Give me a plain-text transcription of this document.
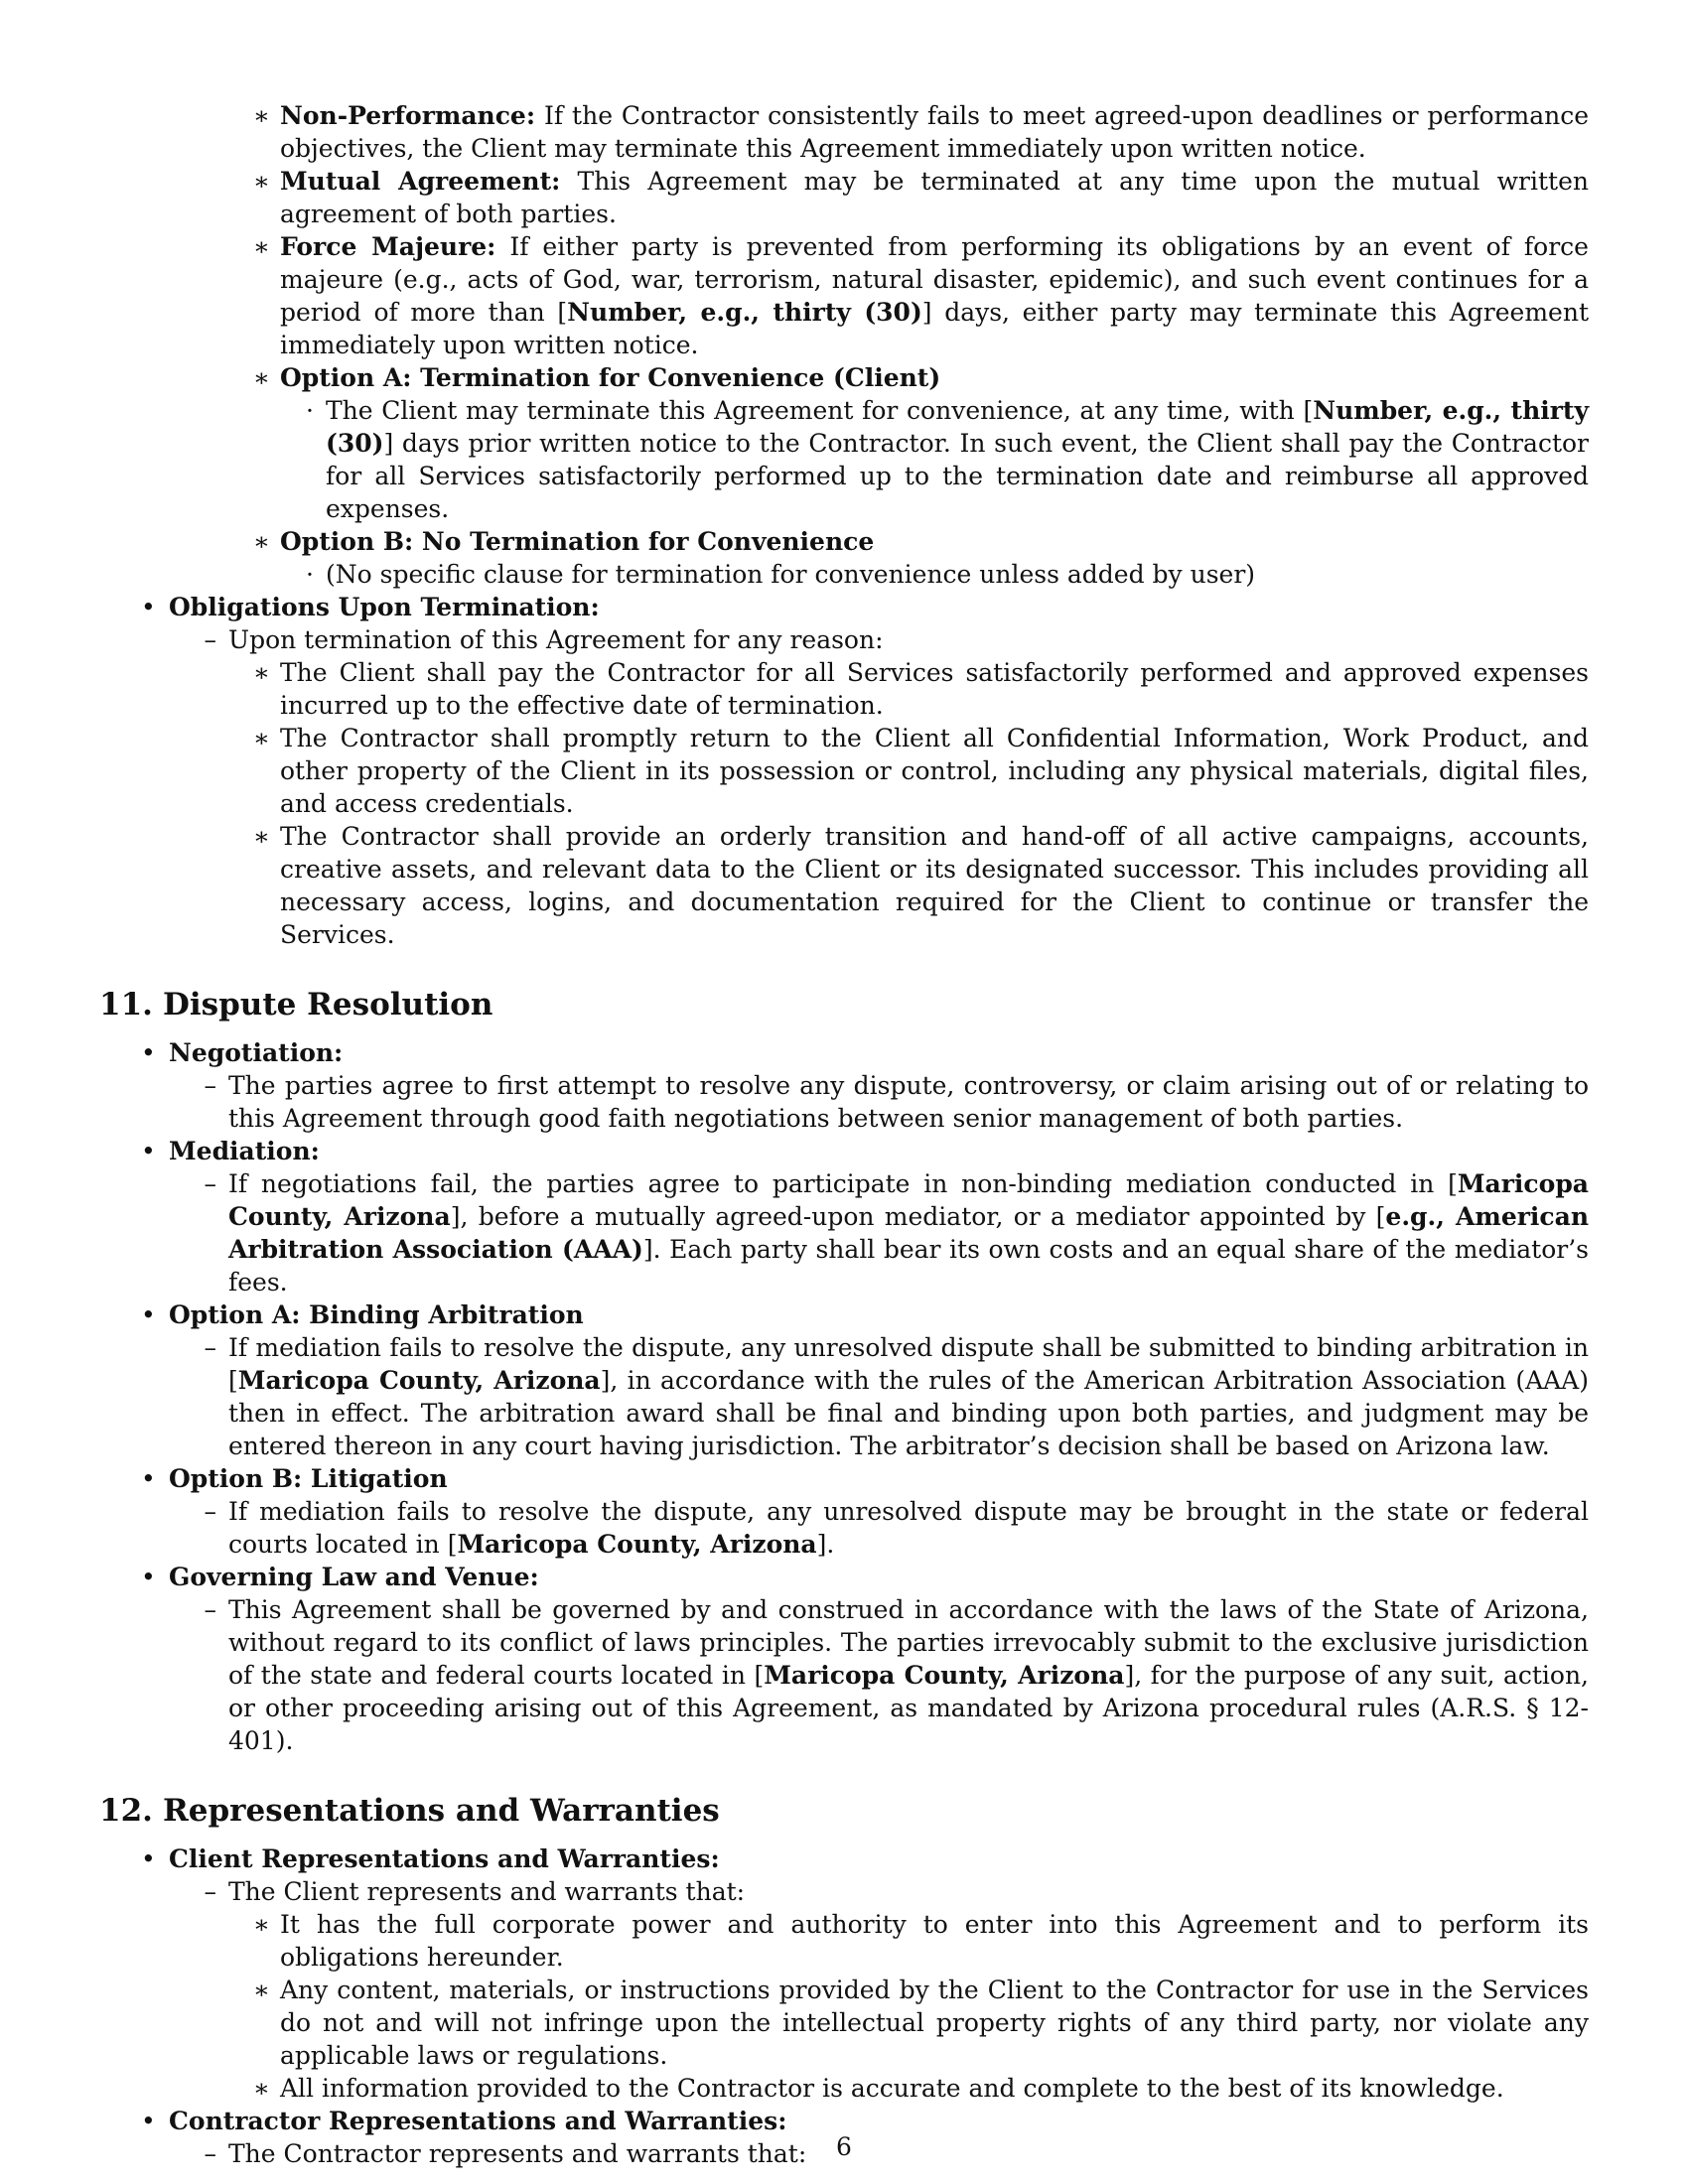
∗ Non-Performance: If the Contractor consistently fails to meet agreed-upon deadlines or performance objectives, the Client may terminate this Agreement immediately upon written notice.
∗ Mutual Agreement: This Agreement may be terminated at any time upon the mutual written agreement of both parties.
∗ Force Majeure: If either party is prevented from performing its obligations by an event of force majeure (e.g., acts of God, war, terrorism, natural disaster, epidemic), and such event continues for a period of more than [Number, e.g., thirty (30)] days, either party may terminate this Agreement immediately upon written notice.
∗ Option A: Termination for Convenience (Client)
· The Client may terminate this Agreement for convenience, at any time, with [Number, e.g., thirty (30)] days prior written notice to the Contractor. In such event, the Client shall pay the Contractor for all Services satisfactorily performed up to the termination date and reimburse all approved expenses.
∗ Option B: No Termination for Convenience
· (No specific clause for termination for convenience unless added by user)
• Obligations Upon Termination:
– Upon termination of this Agreement for any reason:
∗ The Client shall pay the Contractor for all Services satisfactorily performed and approved expenses incurred up to the effective date of termination.
∗ The Contractor shall promptly return to the Client all Confidential Information, Work Product, and other property of the Client in its possession or control, including any physical materials, digital files, and access credentials.
∗ The Contractor shall provide an orderly transition and hand-off of all active campaigns, accounts, creative assets, and relevant data to the Client or its designated successor. This includes providing all necessary access, logins, and documentation required for the Client to continue or transfer the Services.
11. Dispute Resolution
• Negotiation:
– The parties agree to first attempt to resolve any dispute, controversy, or claim arising out of or relating to this Agreement through good faith negotiations between senior management of both parties.
• Mediation:
– If negotiations fail, the parties agree to participate in non-binding mediation conducted in [Maricopa County, Arizona], before a mutually agreed-upon mediator, or a mediator appointed by [e.g., American Arbitration Association (AAA)]. Each party shall bear its own costs and an equal share of the mediator’s fees.
• Option A: Binding Arbitration
– If mediation fails to resolve the dispute, any unresolved dispute shall be submitted to binding arbitration in [Maricopa County, Arizona], in accordance with the rules of the American Arbitration Association (AAA) then in effect. The arbitration award shall be final and binding upon both parties, and judgment may be entered thereon in any court having jurisdiction. The arbitrator’s decision shall be based on Arizona law.
• Option B: Litigation
– If mediation fails to resolve the dispute, any unresolved dispute may be brought in the state or federal courts located in [Maricopa County, Arizona].
• Governing Law and Venue:
– This Agreement shall be governed by and construed in accordance with the laws of the State of Arizona, without regard to its conflict of laws principles. The parties irrevocably submit to the exclusive jurisdiction of the state and federal courts located in [Maricopa County, Arizona], for the purpose of any suit, action, or other proceeding arising out of this Agreement, as mandated by Arizona procedural rules (A.R.S. § 12-401).
12. Representations and Warranties
• Client Representations and Warranties:
– The Client represents and warrants that:
∗ It has the full corporate power and authority to enter into this Agreement and to perform its obligations hereunder.
∗ Any content, materials, or instructions provided by the Client to the Contractor for use in the Services do not and will not infringe upon the intellectual property rights of any third party, nor violate any applicable laws or regulations.
∗ All information provided to the Contractor is accurate and complete to the best of its knowledge.
• Contractor Representations and Warranties:
– The Contractor represents and warrants that:	6
